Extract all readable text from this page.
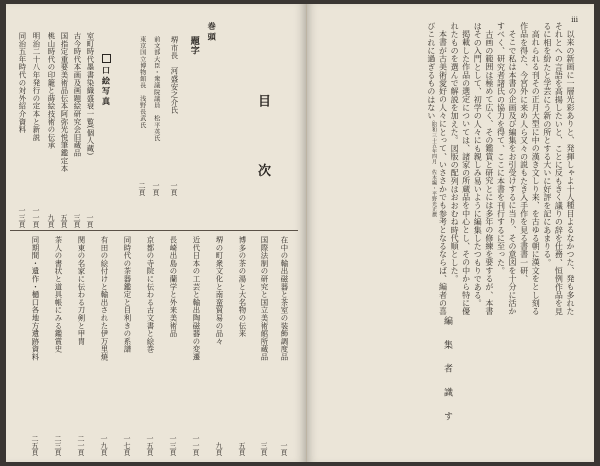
iii

以来の新画に一層光彩ありと、発揮しゃよ十人種目よるなかつた、発も多れたそれとへの言語を高揚したいと、ことに反もきく議りの辞を仕務、恒例作品を見るに相を紛たと学芸にう新の所とする大いに好評を記にあまりる。

高れられる刊その正月大型に中の漢き文しり来、を古ゆる朝に漢文をとし刻る作品を得た、今宮外に来め人ら又々の説もたき入手作を見る書書一研、

そこで私は本書の企画及び編集をお引受けするに当り、その意図を十分に活かすべく、研究者諸氏の協力を得て、ここに本書を刊行するに至った。

古画の範囲は極めて広く、その鑑賞と研究とには多年の修練を要するが、本書はその入門として、初学の人々にも親しみ易いように編集したつもりである。

掲載した作品の選定については、諸家の所蔵品を中心とし、その中から特に優れたものを選んで解説を加えた。図版の配列はおおむね時代順とした。

本書が古美術愛好の人々にとって、いささかでも参考となるならば、編者の喜びこれに過ぎるものはない。

昭和三十五年四月　佐木編・平野光正撰
編 集 者 識 す
目 次
巻頭
題字
堺市長　河盛安之介氏
一頁
前文部大臣・衆議院議員　松平英氏
一頁
東京国立博物館長　浅野長武氏
二頁
口絵写真
室町時代墨書染織盛衰一覧(個人蔵)
一頁
古今時代本画及画題絵研究会旧蔵品
三頁
国指定重要美術品伝本阿弥光悦筆鑑定本
五頁
桃山時代の印籠と蒔絵技術の伝承
九頁
明治二十八年発行の定本と新説
一一頁
同治五年時代の対外紹介資料
一三頁
在中の輸出磁器と茶室の装飾調度品
一頁
国際法制の研究と国立美術館所蔵品
三頁
博多の茶の湯と大名物の伝来
五頁
堺の町衆文化と南蛮貿易の品々
九頁
近代日本の工芸と輸出陶磁器の変遷
一一頁
長崎出島の蘭学と外来美術品
一三頁
京都の寺院に伝わる古文書と絵巻
一五頁
同時代の茶器鑑定と目利きの系譜
一七頁
有田の絵付けと輸出された伊万里焼
一九頁
関東の名家に伝わる刀剣と甲冑
二一頁
茶人の書状と道具帳にみる鑑賞史
二三頁
同期間・遺作・樋口各地方遺跡資料
二五頁
